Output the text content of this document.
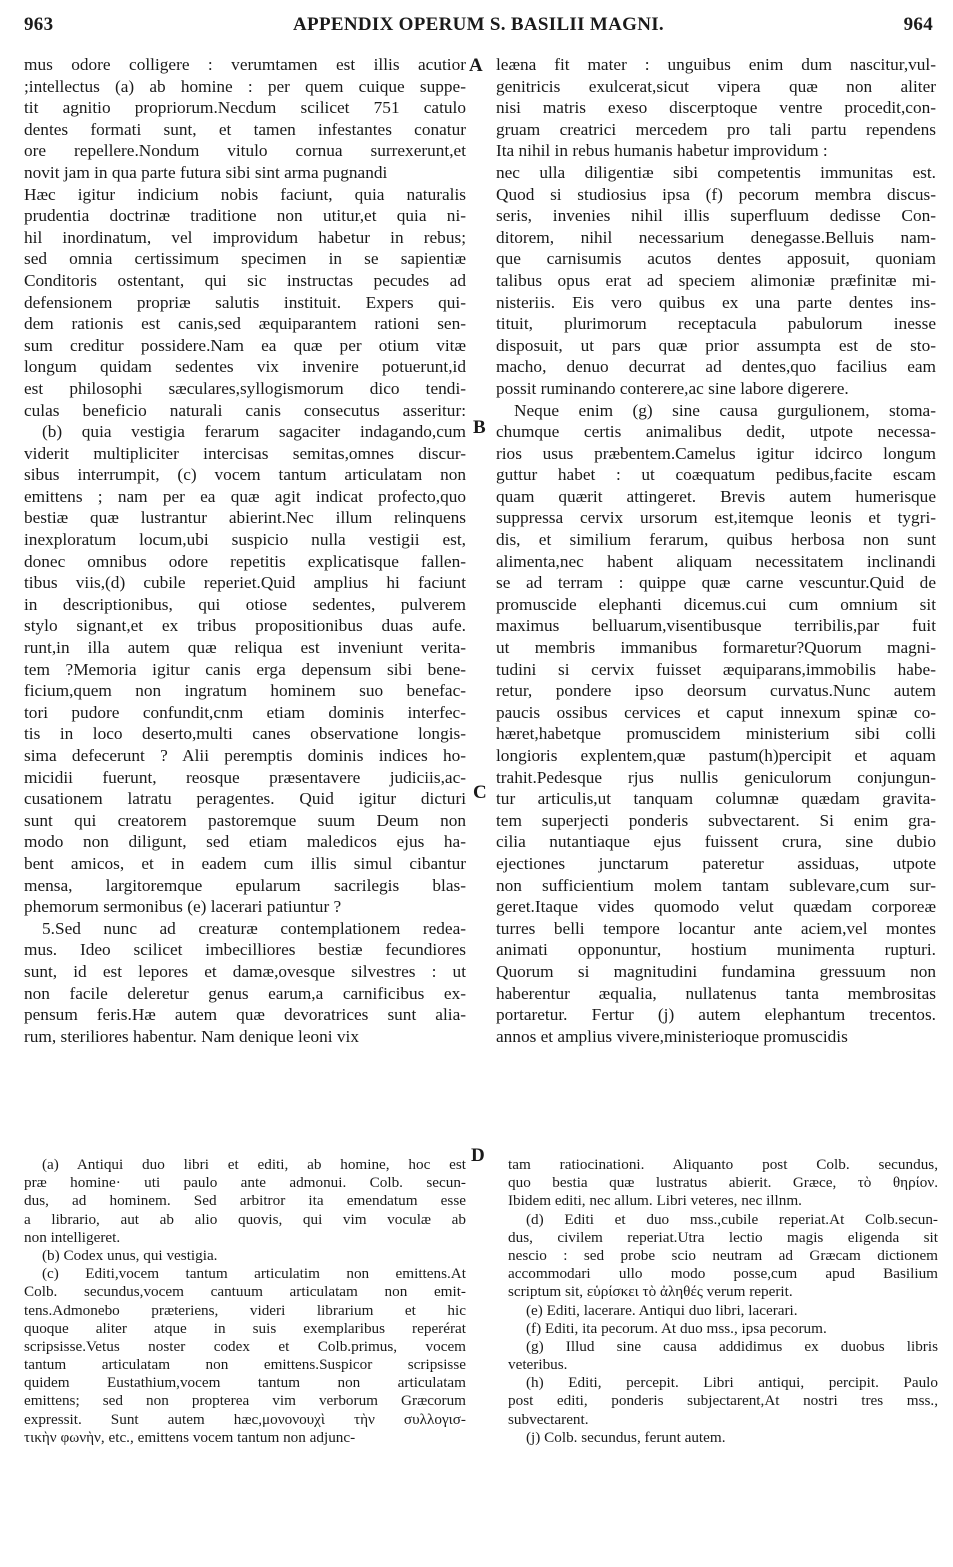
963	APPENDIX OPERUM S. BASILII MAGNI.	964
mus odore colligere : verumtamen est illis acutior
;intellectus (a) ab homine : per quem cuique suppe-
tit agnitio propriorum.Necdum scilicet 751 catulo
dentes formati sunt, et tamen infestantes conatur
ore repellere.Nondum vitulo cornua surrexerunt,et
novit jam in qua parte futura sibi sint arma pugnandi
Hæc igitur indicium nobis faciunt, quia naturalis
prudentia doctrinæ traditione non utitur,et quia ni-
hil inordinatum, vel improvidum habetur in rebus;
sed omnia certissimum specimen in se sapientiæ
Conditoris ostentant, qui sic instructas pecudes ad
defensionem propriæ salutis instituit. Expers qui-
dem rationis est canis,sed æquiparantem rationi sen-
sum creditur possidere.Nam ea quæ per otium vitæ
longum quidam sedentes vix invenire potuerunt,id
est philosophi sæculares,syllogismorum dico tendi-
culas beneficio naturali canis consecutus asseritur:
(b) quia vestigia ferarum sagaciter indagando,cum
viderit multipliciter intercisas semitas,omnes discur-
sibus interrumpit, (c) vocem tantum articulatam non
emittens ; nam per ea quæ agit indicat profecto,quo
bestiæ quæ lustrantur abierint.Nec illum relinquens
inexploratum locum,ubi suspicio nulla vestigii est,
donec omnibus odore repetitis explicatisque fallen-
tibus viis,(d) cubile reperiet.Quid amplius hi faciunt
in descriptionibus, qui otiose sedentes, pulverem
stylo signant,et ex tribus propositionibus duas aufe.
runt,in illa autem quæ reliqua est inveniunt verita-
tem ?Memoria igitur canis erga depensum sibi bene-
ficium,quem non ingratum hominem suo benefac-
tori pudore confundit,cnm etiam dominis interfec-
tis in loco deserto,multi canes observatione longis-
sima defecerunt ? Alii peremptis dominis indices ho-
micidii fuerunt, reosque præsentavere judiciis,ac-
cusationem latratu peragentes. Quid igitur dicturi
sunt qui creatorem pastoremque suum Deum non
modo non diligunt, sed etiam maledicos ejus ha-
bent amicos, et in eadem cum illis simul cibantur
mensa, largitoremque epularum sacrilegis blas-
phemorum sermonibus (e) lacerari patiuntur ?
5.Sed nunc ad creaturæ contemplationem redea-
mus. Ideo scilicet imbecilliores bestiæ fecundiores
sunt, id est lepores et damæ,ovesque silvestres : ut
non facile deleretur genus earum,a carnificibus ex-
pensum feris.Hæ autem quæ devoratrices sunt alia-
rum, steriliores habentur. Nam denique leoni vix
leæna fit mater : unguibus enim dum nascitur,vul-
genitricis exulcerat,sicut vipera quæ non aliter
nisi matris exeso discerptoque ventre procedit,con-
gruam creatrici mercedem pro tali partu rependens
Ita nihil in rebus humanis habetur improvidum :
nec ulla diligentiæ sibi competentis immunitas est.
Quod si studiosius ipsa (f) pecorum membra discus-
seris, invenies nihil illis superfluum dedisse Con-
ditorem, nihil necessarium denegasse.Belluis nam-
que carnisumis acutos dentes apposuit, quoniam
talibus opus erat ad speciem alimoniæ præfinitæ mi-
nisteriis. Eis vero quibus ex una parte dentes ins-
tituit, plurimorum receptacula pabulorum inesse
disposuit, ut pars quæ prior assumpta est de sto-
macho, denuo decurrat ad dentes,quo facilius eam
possit ruminando conterere,ac sine labore digerere.
Neque enim (g) sine causa gurgulionem, stoma-
chumque certis animalibus dedit, utpote necessa-
rios usus præbentem.Camelus igitur idcirco longum
guttur habet : ut coæquatum pedibus,facite escam
quam quærit attingeret. Brevis autem humerisque
suppressa cervix ursorum est,itemque leonis et tygri-
dis, et similium ferarum, quibus herbosa non sunt
alimenta,nec habent aliquam necessitatem inclinandi
se ad terram : quippe quæ carne vescuntur.Quid de
promuscide elephanti dicemus.cui cum omnium sit
maximus belluarum,visentibusque terribilis,par fuit
ut membris immanibus formaretur?Quorum magni-
tudini si cervix fuisset æquiparans,immobilis habe-
retur, pondere ipso deorsum curvatus.Nunc autem
paucis ossibus cervices et caput innexum spinæ co-
hæret,habetque promuscidem ministerium sibi colli
longioris explentem,quæ pastum(h)percipit et aquam
trahit.Pedesque rjus nullis geniculorum conjungun-
tur articulis,ut tanquam columnæ quædam gravita-
tem superjecti ponderis subvectarent. Si enim gra-
cilia nutantiaque ejus fuissent crura, sine dubio
ejectiones junctarum pateretur assiduas, utpote
non sufficientium molem tantam sublevare,cum sur-
geret.Itaque vides quomodo velut quædam corporeæ
turres belli tempore locantur ante aciem,vel montes
animati opponuntur, hostium munimenta rupturi.
Quorum si magnitudini fundamina gressuum non
haberentur æqualia, nullatenus tanta membrositas
portaretur. Fertur (j) autem elephantum trecentos.
annos et amplius vivere,ministerioque promuscidis
A
B
C
D
(a) Antiqui duo libri et editi, ab homine, hoc est
præ homine· uti paulo ante admonui. Colb. secun-
dus, ad hominem. Sed arbitror ita emendatum esse
a librario, aut ab alio quovis, qui vim voculæ ab
non intelligeret.
(b) Codex unus, qui vestigia.
(c) Editi,vocem tantum articulatim non emittens.At
Colb. secundus,vocem cantuum articulatam non emit-
tens.Admonebo præteriens, videri librarium et hic
quoque aliter atque in suis exemplaribus reperérat
scripsisse.Vetus noster codex et Colb.primus, vocem
tantum articulatam non emittens.Suspicor scripsisse
quidem Eustathium,vocem tantum non articulatam
emittens; sed non propterea vim verborum Græcorum
expressit. Sunt autem hæc,μονονουχὶ τὴν συλλογισ-
τικὴν φωνὴν, etc., emittens vocem tantum non adjunc-
tam ratiocinationi. Aliquanto post Colb. secundus,
quo bestia quæ lustratus abierit. Græce, τὸ θηρίον.
Ibidem editi, nec allum. Libri veteres, nec illnm.
(d) Editi et duo mss.,cubile reperiat.At Colb.secun-
dus, civilem reperiat.Utra lectio magis eligenda sit
nescio : sed probe scio neutram ad Græcam dictionem
accommodari ullo modo posse,cum apud Basilium
scriptum sit, εὑρίσκει τὸ ἀληθές verum reperit.
(e) Editi, lacerare. Antiqui duo libri, lacerari.
(f) Editi, ita pecorum. At duo mss., ipsa pecorum.
(g) Illud sine causa addidimus ex duobus libris
veteribus.
(h) Editi, percepit. Libri antiqui, percipit. Paulo
post editi, ponderis subjectarent,At nostri tres mss.,
subvectarent.
(j) Colb. secundus, ferunt autem.
